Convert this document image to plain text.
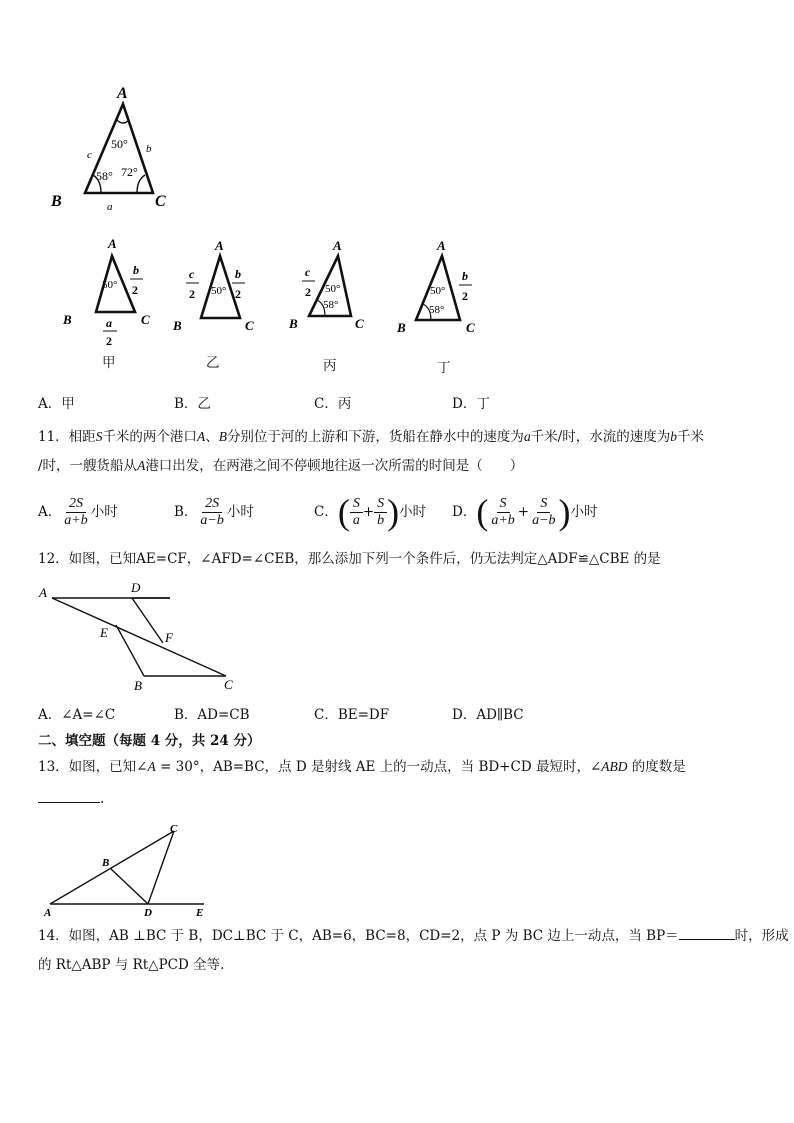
A
B	C
c	b
a
50°
58° 72°
A
B	C
50°
b
2
a
2
甲
A
B	C
50°
c
2
b
2
乙
A
B	C
50°
58°
c
2
丙
A
B	C
50°
58°
b
2
丁
A．甲	B．乙	C．丙	D．丁
11．相距S千米的两个港口A、B分别位于河的上游和下游，货船在静水中的速度为a千米/时，水流的速度为b千米
/时，一艘货船从A港口出发，在两港之间不停顿地往返一次所需的时间是（　　）
A． $\frac{2S}{a+b}$ 小时	B． $\frac{2S}{a-b}$ 小时	C． ( $\frac{S}{a} + \frac{S}{b}$ ) 小时 D． ( $\frac{S}{a+b} + \frac{S}{a-b}$ ) 小时
12．如图，已知AE=CF，∠AFD=∠CEB，那么添加下列一个条件后，仍无法判定△ADF≌△CBE 的是
A	D
E	F
B	C
A．∠A=∠C	B．AD=CB	C．BE=DF	D．AD∥BC
二、填空题（每题 4 分，共 24 分）
13．如图，已知∠A = 30°，AB=BC，点 D 是射线 AE 上的一动点，当 BD+CD 最短时，∠ABD 的度数是
.
C
B
A	D	E
14．如图，AB ⊥BC 于 B，DC⊥BC 于 C，AB=6，BC=8，CD=2，点 P 为 BC 边上一动点，当 BP＝	时，形成
的 Rt△ABP 与 Rt△PCD 全等.
